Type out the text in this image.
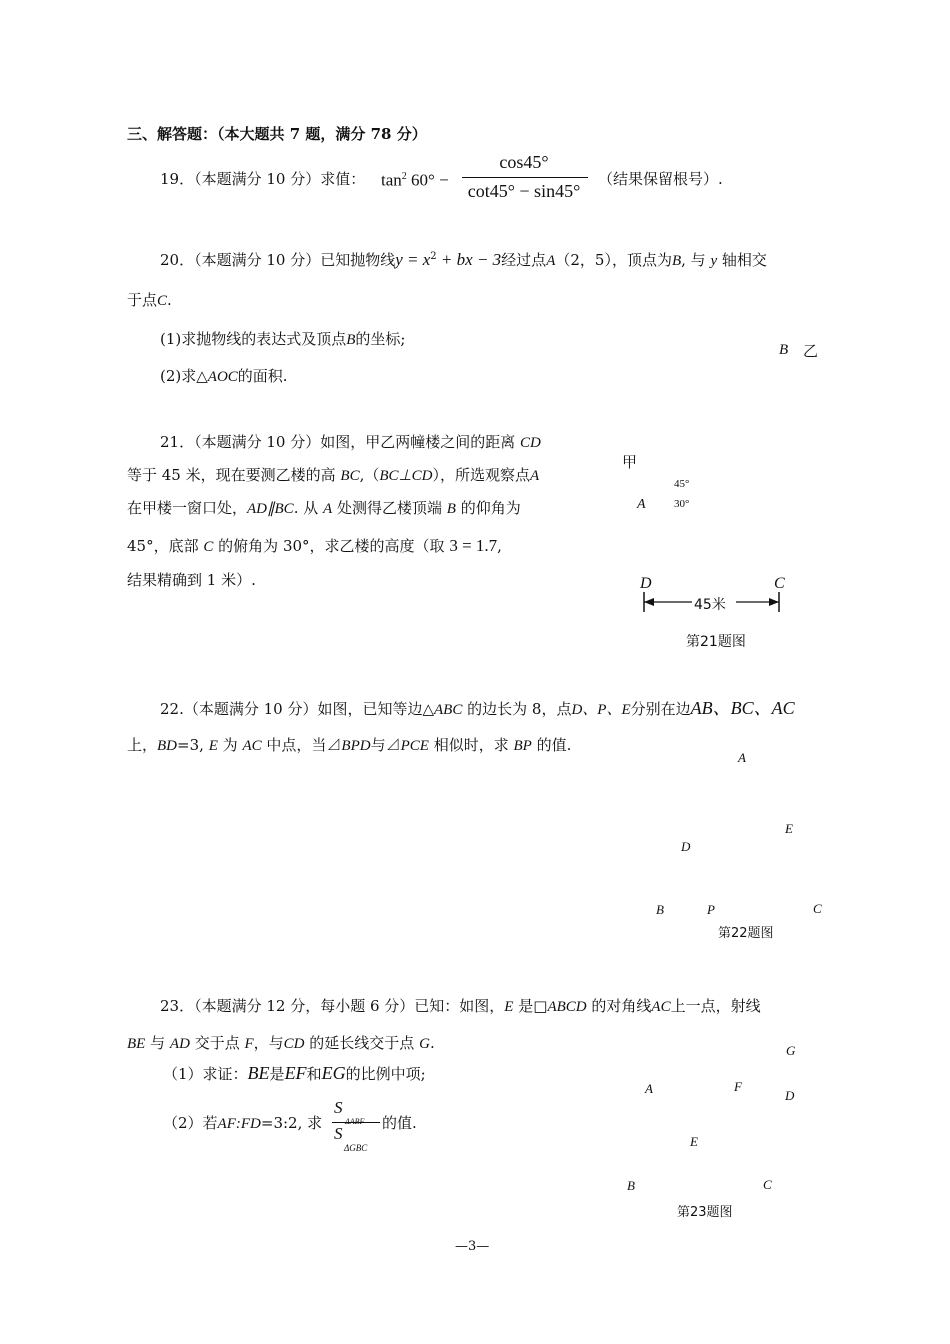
三、解答题：（本大题共 7 题，满分 78 分）
19．（本题满分 10 分）求值： $\tan^2 60^\circ$ −
cos45°
cot45° − sin45°
（结果保留根号）.
20．（本题满分 10 分）已知抛物线$y = x^2$ + bx − 3经过点A（2，5），顶点为B, 与 y 轴相交
于点C.
(1)求抛物线的表达式及顶点B的坐标;
(2)求△AOC的面积.
21．（本题满分 10 分）如图，甲乙两幢楼之间的距离 CD
等于 45 米，现在要测乙楼的高 BC,（BC⊥CD），所选观察点A
在甲楼一窗口处，AD∥BC. 从 A 处测得乙楼顶端 B 的仰角为
45°，底部 C 的俯角为 30°，求乙楼的高度（取 3 = 1.7,
结果精确到 1 米）.
B 乙
甲
45°
A	30°
D	C
45米
第21题图
22.（本题满分 10 分）如图，已知等边△ABC 的边长为 8，点D、P、E分别在边AB、BC、AC
上，BD=3, E 为 AC 中点，当⊿BPD与⊿PCE 相似时，求 BP 的值.
A
E
D
B	P	C
第22题图
23．（本题满分 12 分，每小题 6 分）已知：如图，E 是□ABCD 的对角线AC上一点，射线
BE 与 AD 交于点 F，与CD 的延长线交于点 G.
（1）求证：BE是EF和EG的比例中项;
（2）若AF:FD=3:2, 求
S
S
ΔGBC
的值.
G
A	F
D
E
B	C
第23题图
—3—
